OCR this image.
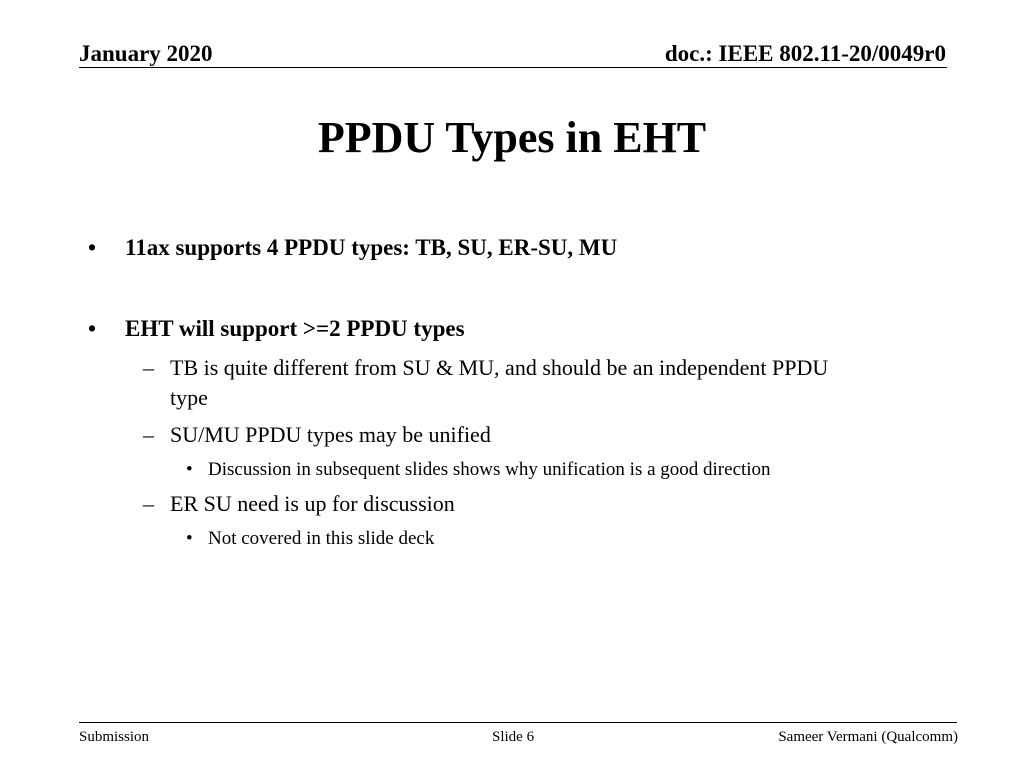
January 2020	doc.: IEEE 802.11-20/0049r0
PPDU Types in EHT
• 11ax supports 4 PPDU types: TB, SU, ER-SU, MU
• EHT will support >=2 PPDU types
– TB is quite different from SU & MU, and should be an independent PPDU
type
– SU/MU PPDU types may be unified
• Discussion in subsequent slides shows why unification is a good direction
– ER SU need is up for discussion
• Not covered in this slide deck
Submission	Slide 6	Sameer Vermani (Qualcomm)
